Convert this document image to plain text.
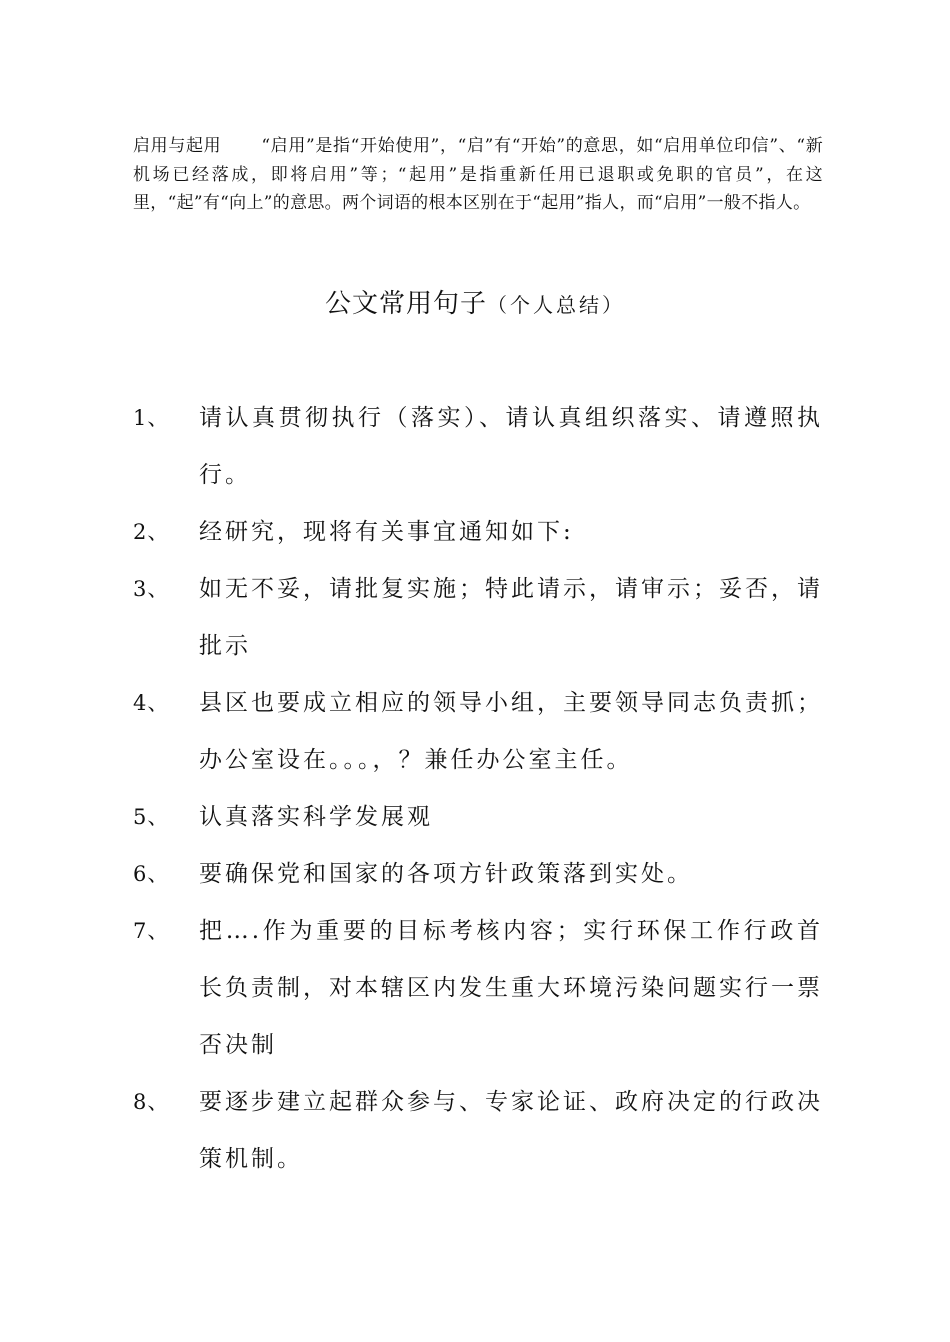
启用与起用 “启用”是指“开始使用”，“启”有“开始”的意思，如“启用单位印信”、“新机场已经落成，即将启用”等；“起用”是指重新任用已退职或免职的官员”，在这里，“起”有“向上”的意思。两个词语的根本区别在于“起用”指人，而“启用”一般不指人。

公文常用句子（个人总结）
1、	请认真贯彻执行（落实）、请认真组织落实、请遵照执行。
2、	经研究，现将有关事宜通知如下:
3、	如无不妥，请批复实施；特此请示，请审示；妥否，请批示
4、	县区也要成立相应的领导小组，主要领导同志负责抓；办公室设在。。。，？兼任办公室主任。
5、	认真落实科学发展观
6、	要确保党和国家的各项方针政策落到实处。
7、	把….作为重要的目标考核内容；实行环保工作行政首长负责制，对本辖区内发生重大环境污染问题实行一票否决制
8、	要逐步建立起群众参与、专家论证、政府决定的行政决策机制。
